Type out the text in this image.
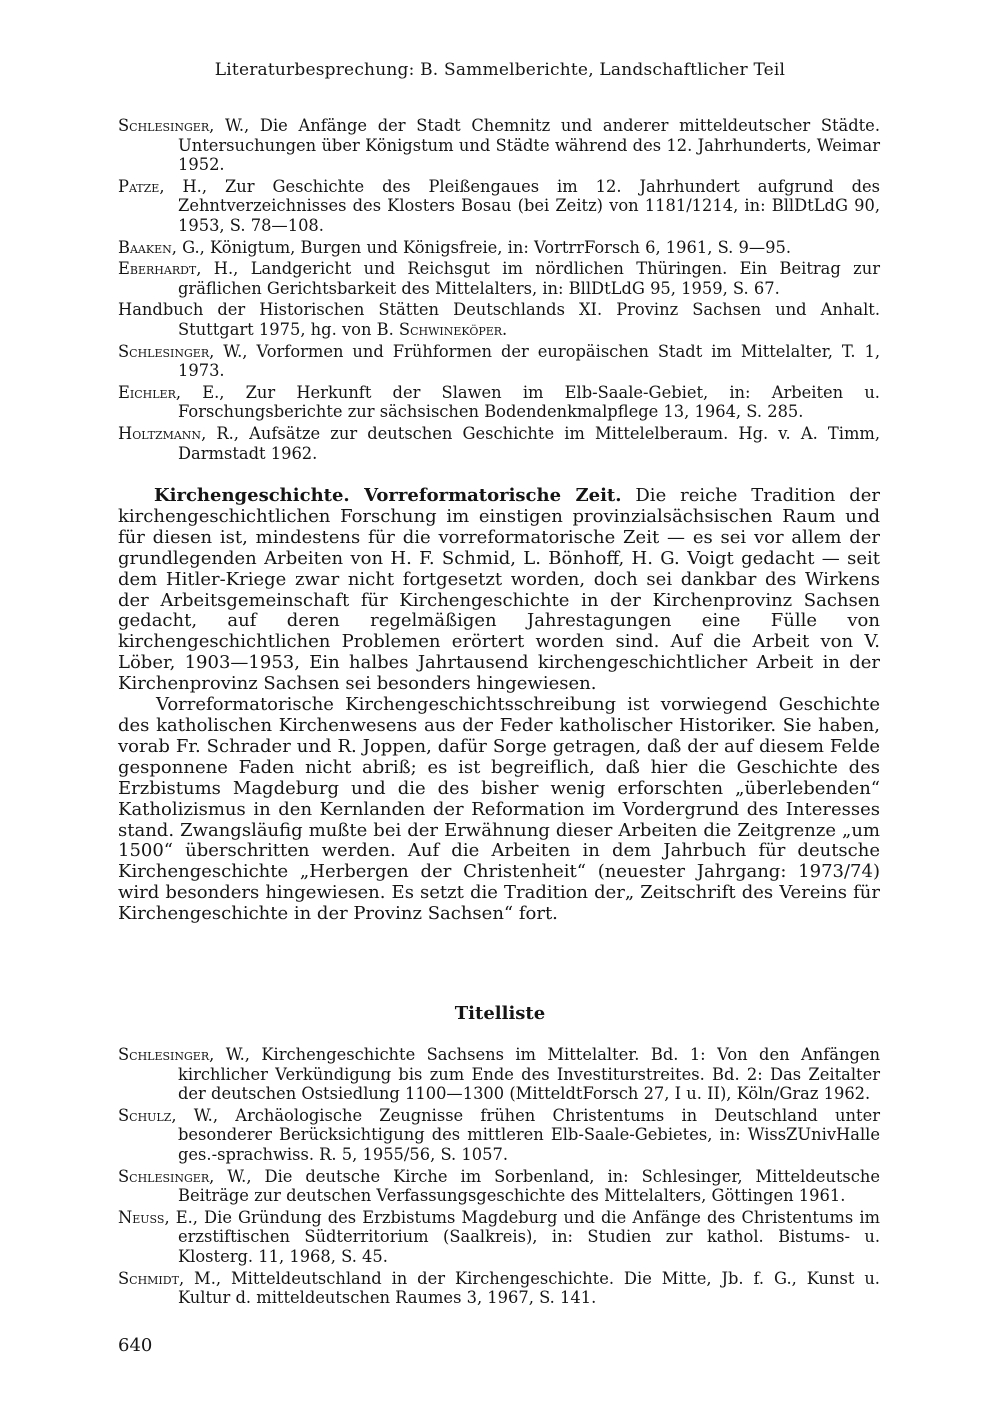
Literaturbesprechung: B. Sammelberichte, Landschaftlicher Teil
Schlesinger, W., Die Anfänge der Stadt Chemnitz und anderer mitteldeutscher Städte. Untersuchungen über Königstum und Städte während des 12. Jahrhunderts, Weimar 1952.
Patze, H., Zur Geschichte des Pleißengaues im 12. Jahrhundert aufgrund des Zehntverzeichnisses des Klosters Bosau (bei Zeitz) von 1181/1214, in: BllDtLdG 90, 1953, S. 78—108.
Baaken, G., Königtum, Burgen und Königsfreie, in: VortrrForsch 6, 1961, S. 9—95.
Eberhardt, H., Landgericht und Reichsgut im nördlichen Thüringen. Ein Beitrag zur gräflichen Gerichtsbarkeit des Mittelalters, in: BllDtLdG 95, 1959, S. 67.
Handbuch der Historischen Stätten Deutschlands XI. Provinz Sachsen und Anhalt. Stuttgart 1975, hg. von B. Schwineköper.
Schlesinger, W., Vorformen und Frühformen der europäischen Stadt im Mittelalter, T. 1, 1973.
Eichler, E., Zur Herkunft der Slawen im Elb-Saale-Gebiet, in: Arbeiten u. Forschungsberichte zur sächsischen Bodendenkmalpflege 13, 1964, S. 285.
Holtzmann, R., Aufsätze zur deutschen Geschichte im Mittelelberaum. Hg. v. A. Timm, Darmstadt 1962.

Kirchengeschichte. Vorreformatorische Zeit. Die reiche Tradition der kirchengeschichtlichen Forschung im einstigen provinzialsächsischen Raum und für diesen ist, mindestens für die vorreformatorische Zeit — es sei vor allem der grundlegenden Arbeiten von H. F. Schmid, L. Bönhoff, H. G. Voigt gedacht — seit dem Hitler-Kriege zwar nicht fortgesetzt worden, doch sei dankbar des Wirkens der Arbeitsgemeinschaft für Kirchengeschichte in der Kirchenprovinz Sachsen gedacht, auf deren regelmäßigen Jahrestagungen eine Fülle von kirchengeschichtlichen Problemen erörtert worden sind. Auf die Arbeit von V. Löber, 1903—1953, Ein halbes Jahrtausend kirchengeschichtlicher Arbeit in der Kirchenprovinz Sachsen sei besonders hingewiesen.

Vorreformatorische Kirchengeschichtsschreibung ist vorwiegend Geschichte des katholischen Kirchenwesens aus der Feder katholischer Historiker. Sie haben, vorab Fr. Schrader und R. Joppen, dafür Sorge getragen, daß der auf diesem Felde gesponnene Faden nicht abriß; es ist begreiflich, daß hier die Geschichte des Erzbistums Magdeburg und die des bisher wenig erforschten „überlebenden“ Katholizismus in den Kernlanden der Reformation im Vordergrund des Interesses stand. Zwangsläufig mußte bei der Erwähnung dieser Arbeiten die Zeitgrenze „um 1500“ überschritten werden. Auf die Arbeiten in dem Jahrbuch für deutsche Kirchengeschichte „Herbergen der Christenheit“ (neuester Jahrgang: 1973/74) wird besonders hingewiesen. Es setzt die Tradition der„ Zeitschrift des Vereins für Kirchengeschichte in der Provinz Sachsen“ fort.

Titelliste
Schlesinger, W., Kirchengeschichte Sachsens im Mittelalter. Bd. 1: Von den Anfängen kirchlicher Verkündigung bis zum Ende des Investiturstreites. Bd. 2: Das Zeitalter der deutschen Ostsiedlung 1100—1300 (MitteldtForsch 27, I u. II), Köln/Graz 1962.
Schulz, W., Archäologische Zeugnisse frühen Christentums in Deutschland unter besonderer Berücksichtigung des mittleren Elb-Saale-Gebietes, in: WissZUnivHalle ges.-sprachwiss. R. 5, 1955/56, S. 1057.
Schlesinger, W., Die deutsche Kirche im Sorbenland, in: Schlesinger, Mitteldeutsche Beiträge zur deutschen Verfassungsgeschichte des Mittelalters, Göttingen 1961.
Neuss, E., Die Gründung des Erzbistums Magdeburg und die Anfänge des Christentums im erzstiftischen Südterritorium (Saalkreis), in: Studien zur kathol. Bistums- u. Klosterg. 11, 1968, S. 45.
Schmidt, M., Mitteldeutschland in der Kirchengeschichte. Die Mitte, Jb. f. G., Kunst u. Kultur d. mitteldeutschen Raumes 3, 1967, S. 141.
640
